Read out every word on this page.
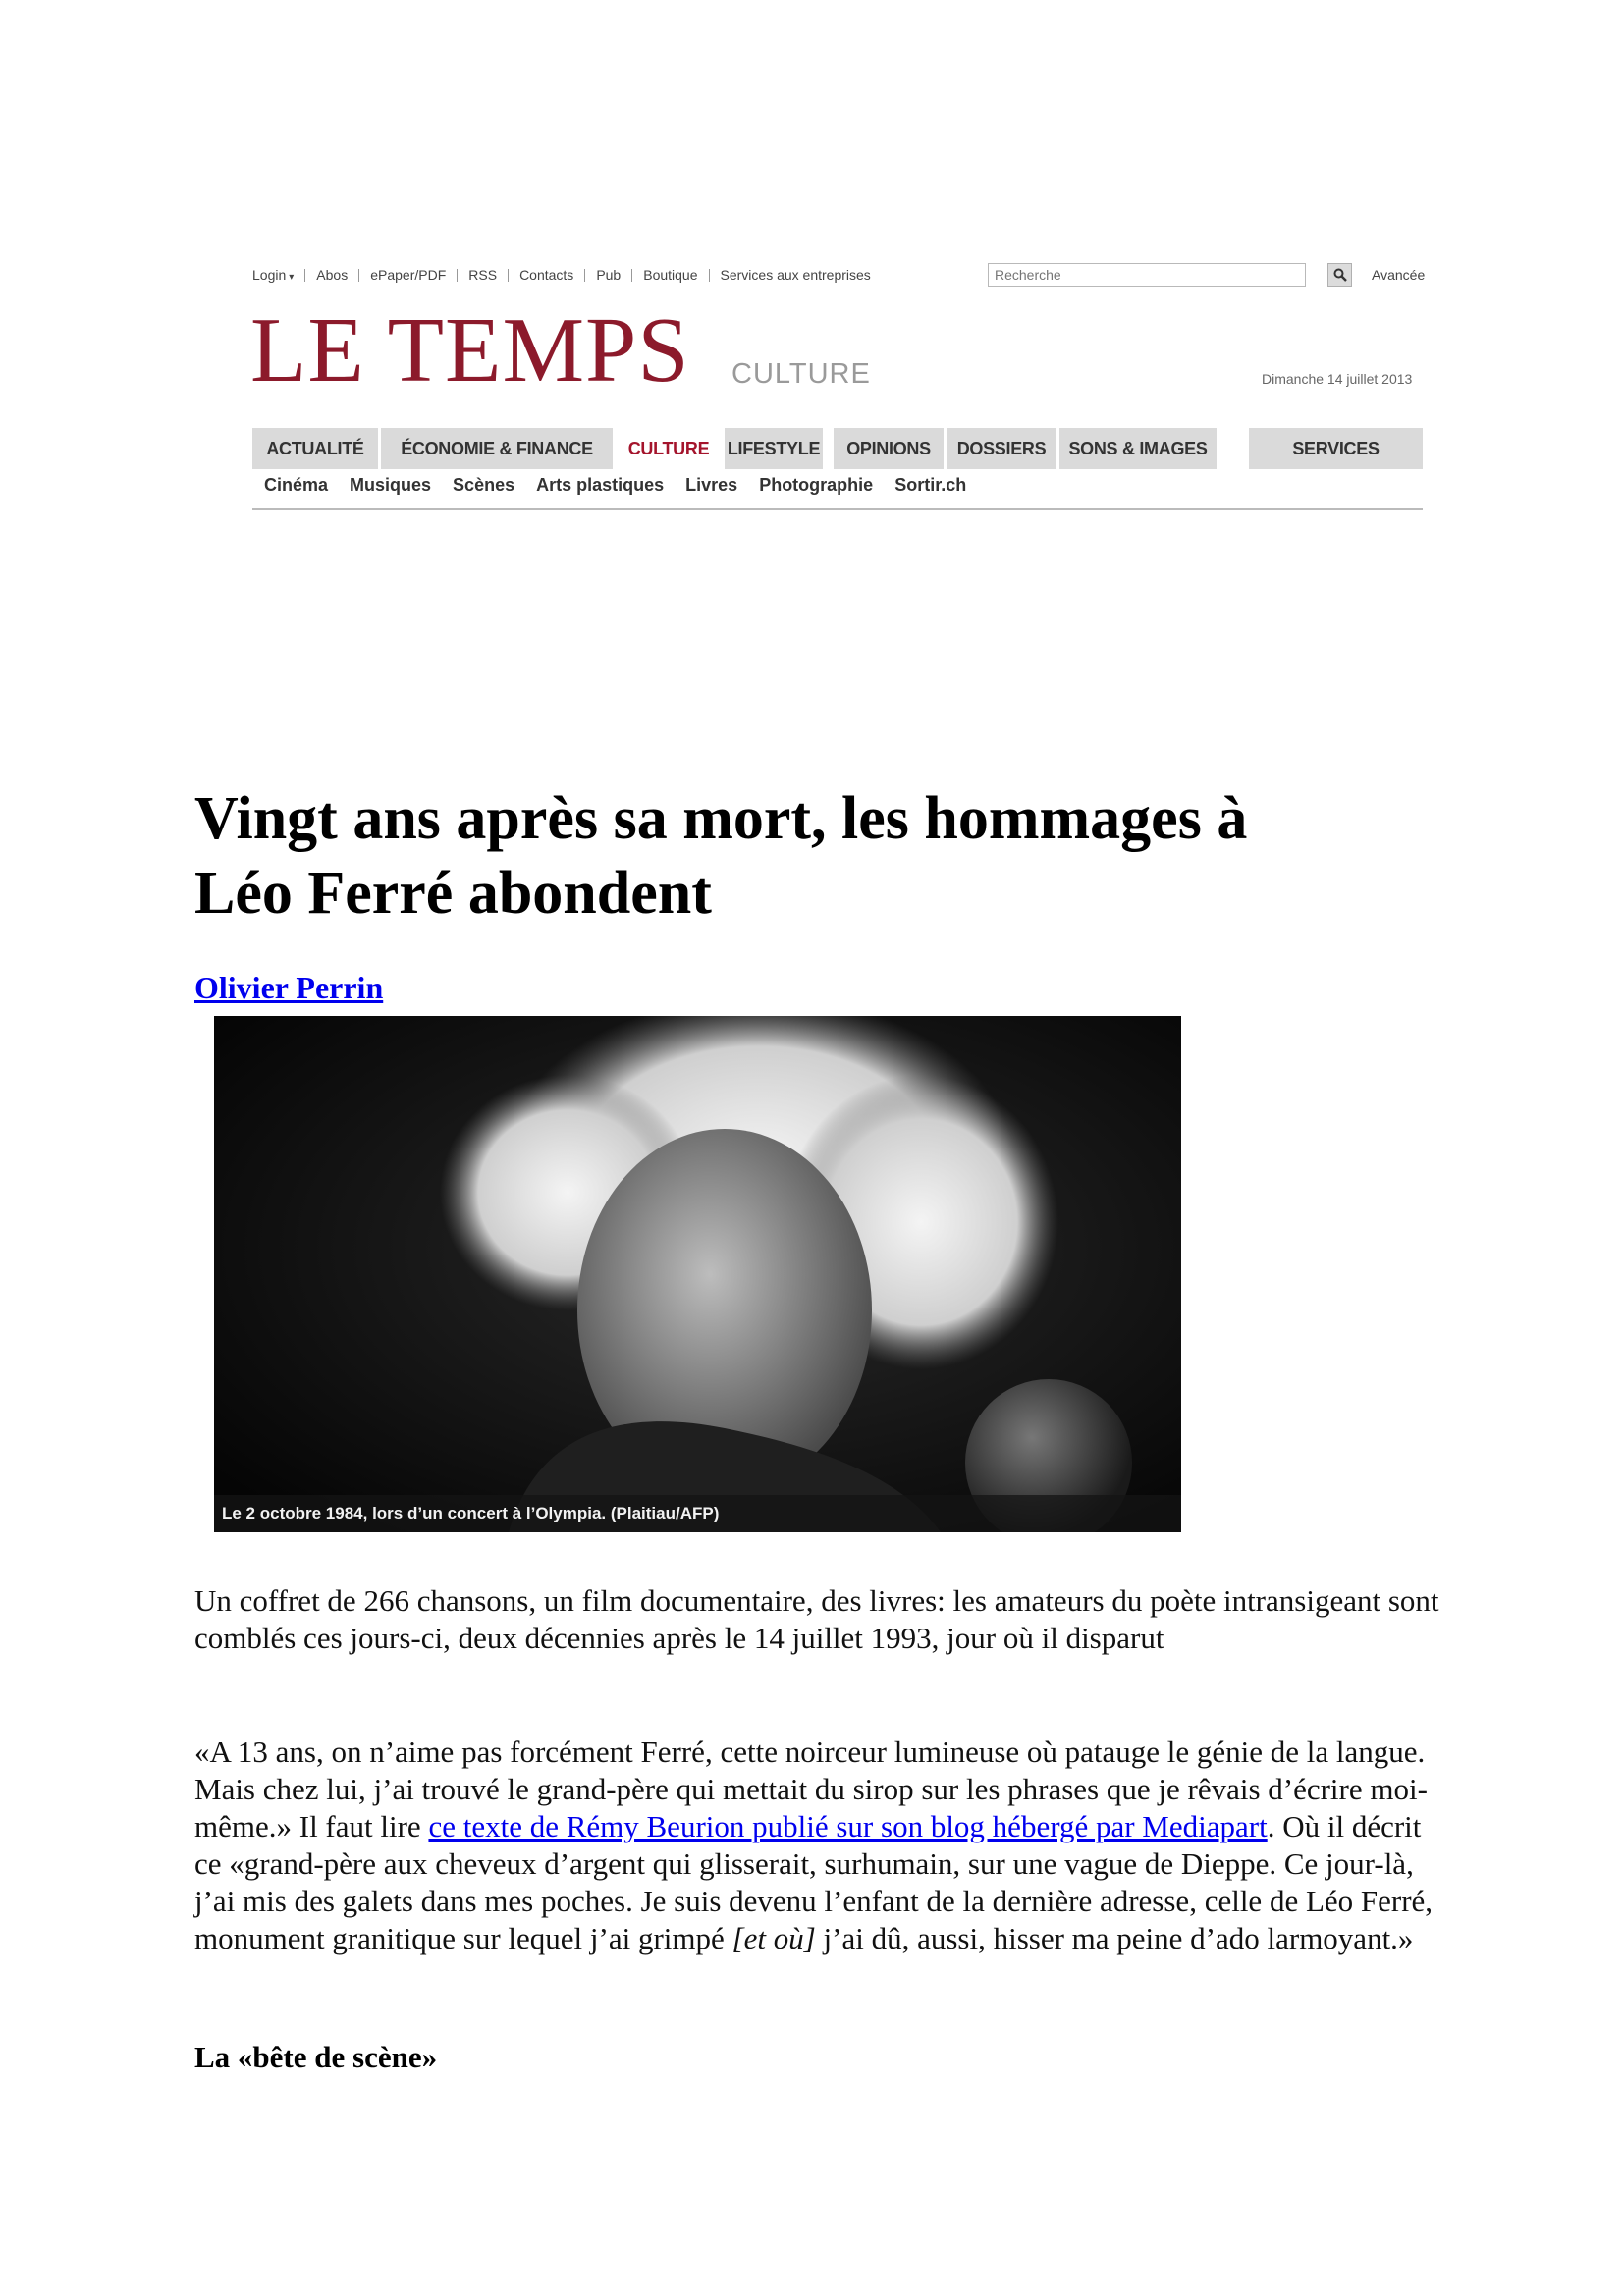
Login ▾ Abos ePaper/PDF RSS Contacts Pub Boutique Services aux entreprises
Recherche	Avancée
LE TEMPS CULTURE	Dimanche 14 juillet 2013
ACTUALITÉ	ÉCONOMIE & FINANCE	CULTURE	LIFESTYLE	OPINIONS	DOSSIERS	SONS & IMAGES	SERVICES
Cinéma Musiques Scènes Arts plastiques Livres Photographie Sortir.ch
Vingt ans après sa mort, les hommages à
Léo Ferré abondent
Olivier Perrin
Le 2 octobre 1984, lors d’un concert à l’Olympia. (Plaitiau/AFP)
Un coffret de 266 chansons, un film documentaire, des livres: les amateurs du poète intransigeant sont comblés ces jours-ci, deux décennies après le 14 juillet 1993, jour où il disparut
«A 13 ans, on n’aime pas forcément Ferré, cette noirceur lumineuse où patauge le génie de la langue. Mais chez lui, j’ai trouvé le grand-père qui mettait du sirop sur les phrases que je rêvais d’écrire moi-même.» Il faut lire ce texte de Rémy Beurion publié sur son blog hébergé par Mediapart. Où il décrit ce «grand-père aux cheveux d’argent qui glisserait, surhumain, sur une vague de Dieppe. Ce jour-là, j’ai mis des galets dans mes poches. Je suis devenu l’enfant de la dernière adresse, celle de Léo Ferré, monument granitique sur lequel j’ai grimpé [et où] j’ai dû, aussi, hisser ma peine d’ado larmoyant.»
La «bête de scène»
